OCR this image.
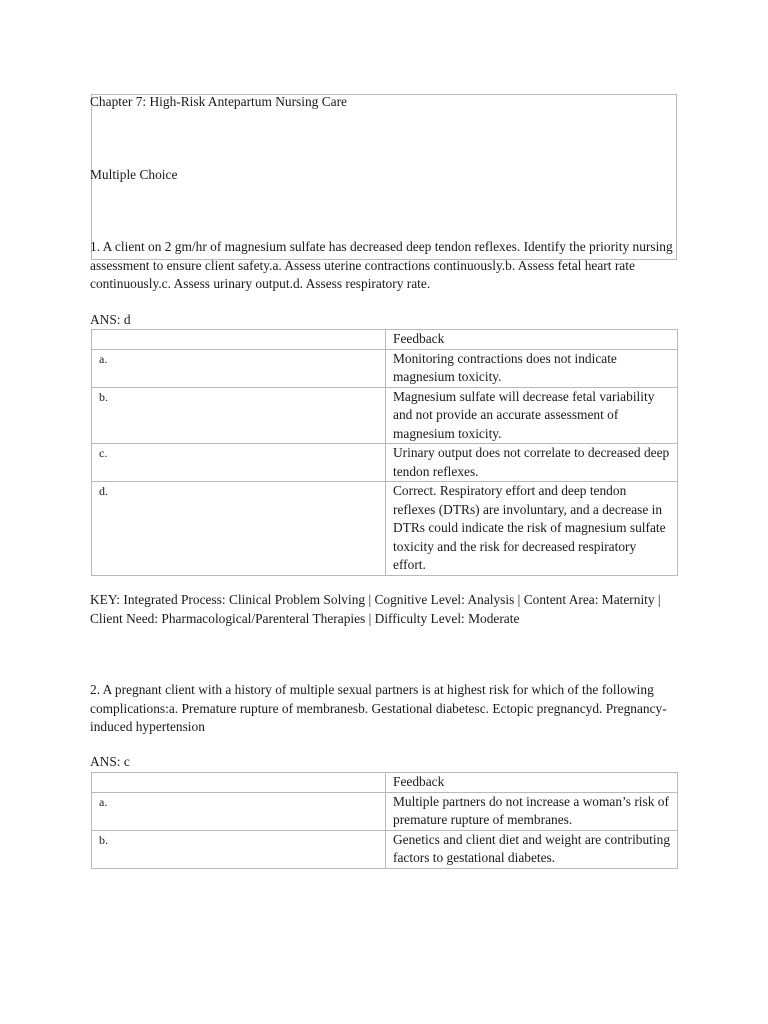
Chapter 7: High-Risk Antepartum Nursing Care

Multiple Choice

1. A client on 2 gm/hr of magnesium sulfate has decreased deep tendon reflexes. Identify the priority nursing assessment to ensure client safety.a. Assess uterine contractions continuously.b. Assess fetal heart rate continuously.c. Assess urinary output.d. Assess respiratory rate.

ANS: d

	Feedback
a.	Monitoring contractions does not indicate magnesium toxicity.
b.	Magnesium sulfate will decrease fetal variability and not provide an accurate assessment of magnesium toxicity.
c.	Urinary output does not correlate to decreased deep tendon reflexes.
d.	Correct. Respiratory effort and deep tendon reflexes (DTRs) are involuntary, and a decrease in DTRs could indicate the risk of magnesium sulfate toxicity and the risk for decreased respiratory effort.

KEY: Integrated Process: Clinical Problem Solving | Cognitive Level: Analysis | Content Area: Maternity | Client Need: Pharmacological/Parenteral Therapies | Difficulty Level: Moderate

2. A pregnant client with a history of multiple sexual partners is at highest risk for which of the following complications:a. Premature rupture of membranesb. Gestational diabetesc. Ectopic pregnancyd. Pregnancy-induced hypertension

ANS: c

	Feedback
a.	Multiple partners do not increase a woman’s risk of premature rupture of membranes.
b.	Genetics and client diet and weight are contributing factors to gestational diabetes.
